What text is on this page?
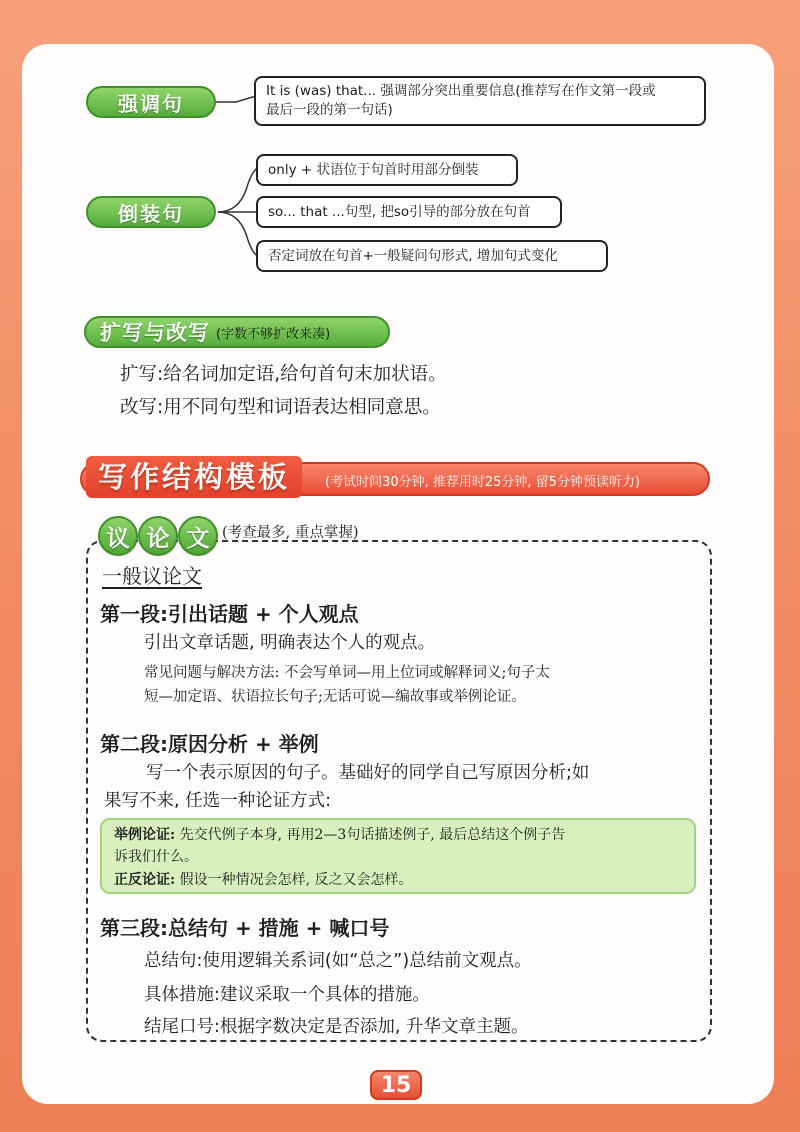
强调句
It is (was) that... 强调部分突出重要信息(推荐写在作文第一段或
最后一段的第一句话)
倒装句
only + 状语位于句首时用部分倒装
so... that ...句型, 把so引导的部分放在句首
否定词放在句首+一般疑问句形式, 增加句式变化
扩写与改写 (字数不够扩改来凑)
扩写:给名词加定语,给句首句末加状语。
改写:用不同句型和词语表达相同意思。
写作结构模板	(考试时间30分钟, 推荐用时25分钟, 留5分钟预读听力)
议 论 文 (考查最多, 重点掌握)
一般议论文
第一段:引出话题 + 个人观点
引出文章话题, 明确表达个人的观点。
常见问题与解决方法: 不会写单词—用上位词或解释词义;句子太
短—加定语、状语拉长句子;无话可说—编故事或举例论证。
第二段:原因分析 + 举例
写一个表示原因的句子。基础好的同学自己写原因分析;如
果写不来, 任选一种论证方式:
举例论证: 先交代例子本身, 再用2—3句话描述例子, 最后总结这个例子告
诉我们什么。
正反论证: 假设一种情况会怎样, 反之又会怎样。
第三段:总结句 + 措施 + 喊口号
总结句:使用逻辑关系词(如“总之”)总结前文观点。
具体措施:建议采取一个具体的措施。
结尾口号:根据字数决定是否添加, 升华文章主题。
15
